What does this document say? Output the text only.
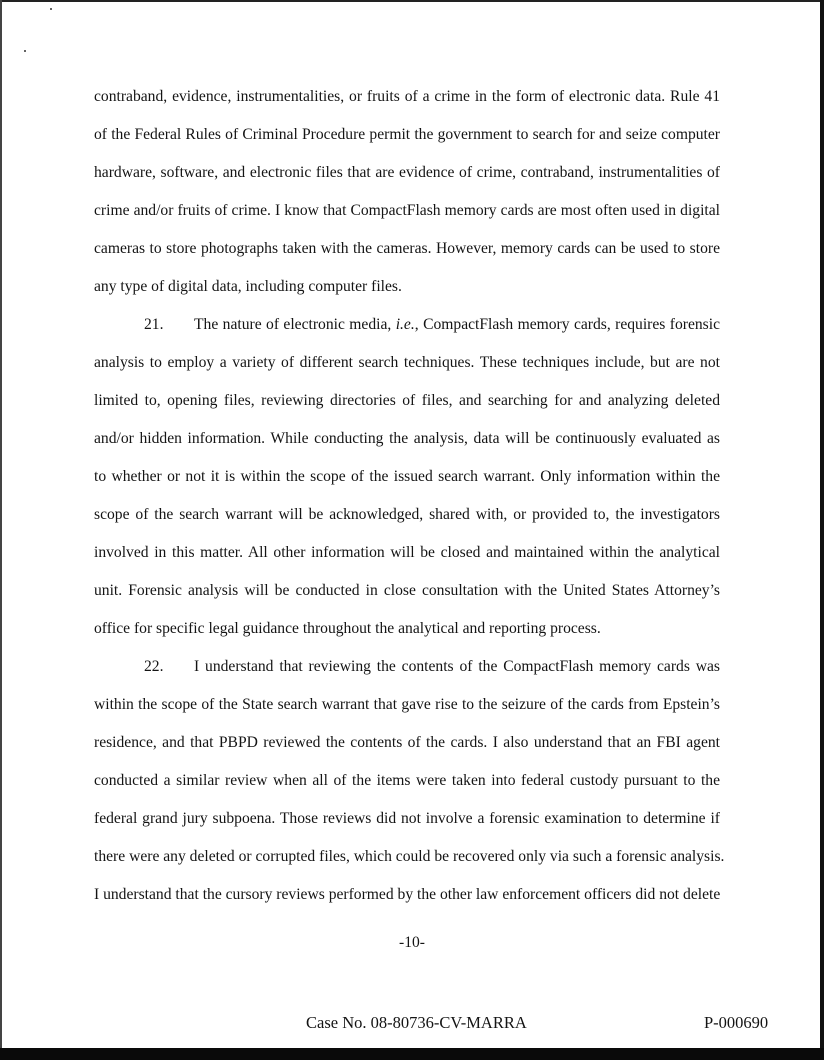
contraband, evidence, instrumentalities, or fruits of a crime in the form of electronic data. Rule 41
of the Federal Rules of Criminal Procedure permit the government to search for and seize computer
hardware, software, and electronic files that are evidence of crime, contraband, instrumentalities of
crime and/or fruits of crime. I know that CompactFlash memory cards are most often used in digital
cameras to store photographs taken with the cameras. However, memory cards can be used to store
any type of digital data, including computer files.
21. The nature of electronic media, i.e., CompactFlash memory cards, requires forensic
analysis to employ a variety of different search techniques. These techniques include, but are not
limited to, opening files, reviewing directories of files, and searching for and analyzing deleted
and/or hidden information. While conducting the analysis, data will be continuously evaluated as
to whether or not it is within the scope of the issued search warrant. Only information within the
scope of the search warrant will be acknowledged, shared with, or provided to, the investigators
involved in this matter. All other information will be closed and maintained within the analytical
unit. Forensic analysis will be conducted in close consultation with the United States Attorney’s
office for specific legal guidance throughout the analytical and reporting process.
22. I understand that reviewing the contents of the CompactFlash memory cards was
within the scope of the State search warrant that gave rise to the seizure of the cards from Epstein’s
residence, and that PBPD reviewed the contents of the cards. I also understand that an FBI agent
conducted a similar review when all of the items were taken into federal custody pursuant to the
federal grand jury subpoena. Those reviews did not involve a forensic examination to determine if
there were any deleted or corrupted files, which could be recovered only via such a forensic analysis.
I understand that the cursory reviews performed by the other law enforcement officers did not delete
-10-
Case No. 08-80736-CV-MARRA	P-000690
